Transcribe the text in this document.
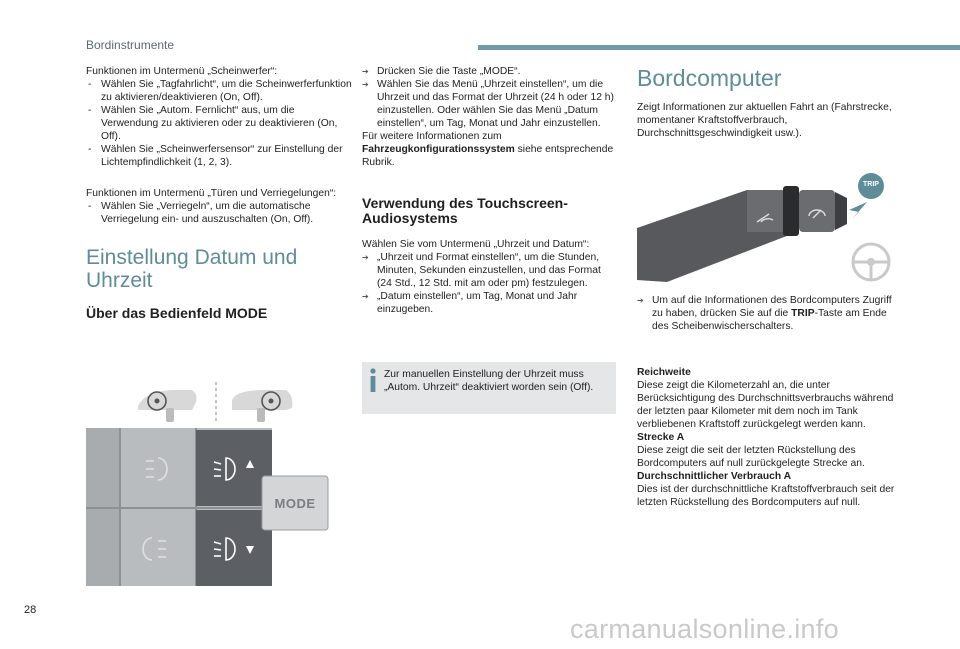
Bordinstrumente

Funktionen im Untermenü „Scheinwerfer“:

- Wählen Sie „Tagfahrlicht“, um die Scheinwerferfunktion zu aktivieren/deaktivieren (On, Off).
- Wählen Sie „Autom. Fernlicht“ aus, um die Verwendung zu aktivieren oder zu deaktivieren (On, Off).
- Wählen Sie „Scheinwerfersensor“ zur Einstellung der Lichtempfindlichkeit (1, 2, 3).

Funktionen im Untermenü „Türen und Verriegelungen“:

- Wählen Sie „Verriegeln“, um die automatische Verriegelung ein- und auszuschalten (On, Off).
Einstellung Datum und Uhrzeit
Über das Bedienfeld MODE
MODE
➔ Drücken Sie die Taste „MODE“.
➔ Wählen Sie das Menü „Uhrzeit einstellen“, um die Uhrzeit und das Format der Uhrzeit (24 h oder 12 h) einzustellen. Oder wählen Sie das Menü „Datum einstellen“, um Tag, Monat und Jahr einzustellen.

Für weitere Informationen zum
Fahrzeugkonfigurationssystem siehe entsprechende Rubrik.

Verwendung des Touchscreen-Audiosystems

Wählen Sie vom Untermenü „Uhrzeit und Datum“:

➔ „Uhrzeit und Format einstellen“, um die Stunden, Minuten, Sekunden einzustellen, und das Format (24 Std., 12 Std. mit am oder pm) festzulegen.
➔ „Datum einstellen“, um Tag, Monat und Jahr einzugeben.
Zur manuellen Einstellung der Uhrzeit muss „Autom. Uhrzeit“ deaktiviert worden sein (Off).
Bordcomputer

Zeigt Informationen zur aktuellen Fahrt an (Fahrstrecke, momentaner Kraftstoffverbrauch, Durchschnittsgeschwindigkeit usw.).

TRIP
➔ Um auf die Informationen des Bordcomputers Zugriff zu haben, drücken Sie auf die TRIP-Taste am Ende des Scheibenwischerschalters.

Reichweite

Diese zeigt die Kilometerzahl an, die unter Berücksichtigung des Durchschnittsverbrauchs während der letzten paar Kilometer mit dem noch im Tank verbliebenen Kraftstoff zurückgelegt werden kann.

Strecke A

Diese zeigt die seit der letzten Rückstellung des Bordcomputers auf null zurückgelegte Strecke an.

Durchschnittlicher Verbrauch A

Dies ist der durchschnittliche Kraftstoffverbrauch seit der letzten Rückstellung des Bordcomputers auf null.

28
carmanualsonline.info
